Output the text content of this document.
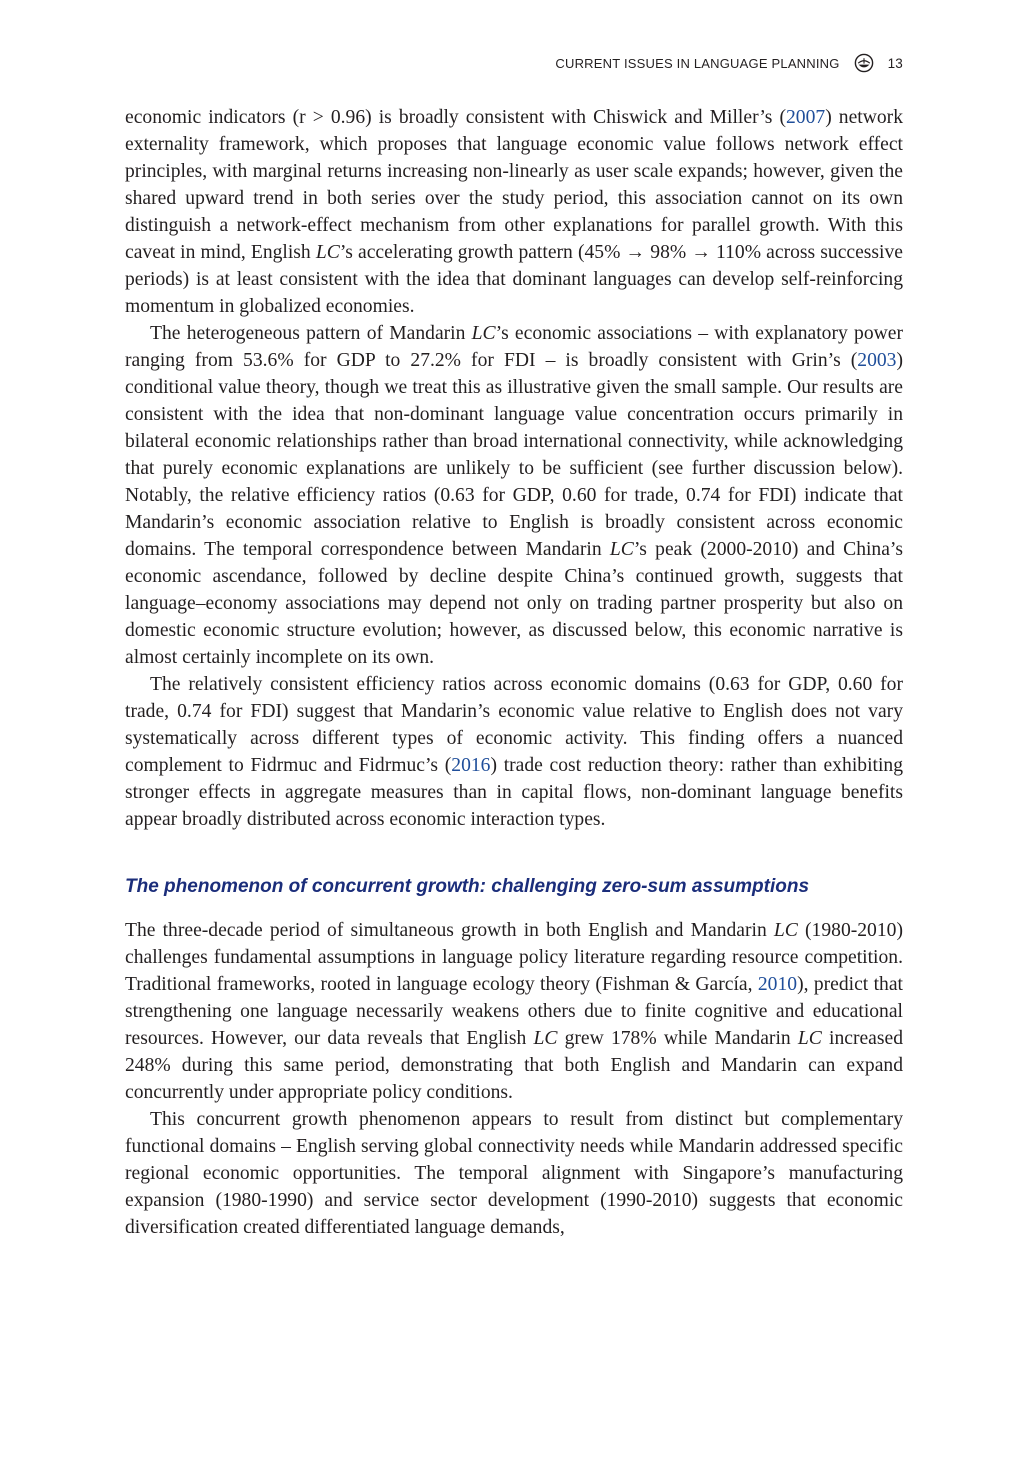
CURRENT ISSUES IN LANGUAGE PLANNING	13

economic indicators (r > 0.96) is broadly consistent with Chiswick and Miller’s (2007) network externality framework, which proposes that language economic value follows network effect principles, with marginal returns increasing non-linearly as user scale expands; however, given the shared upward trend in both series over the study period, this association cannot on its own distinguish a network-effect mechanism from other explanations for parallel growth. With this caveat in mind, English LC’s accelerating growth pattern (45% → 98% → 110% across successive periods) is at least consistent with the idea that dominant languages can develop self-reinforcing momentum in globalized economies.

The heterogeneous pattern of Mandarin LC’s economic associations – with explanatory power ranging from 53.6% for GDP to 27.2% for FDI – is broadly consistent with Grin’s (2003) conditional value theory, though we treat this as illustrative given the small sample. Our results are consistent with the idea that non-dominant language value concentration occurs primarily in bilateral economic relationships rather than broad international connectivity, while acknowledging that purely economic explanations are unlikely to be sufficient (see further discussion below). Notably, the relative efficiency ratios (0.63 for GDP, 0.60 for trade, 0.74 for FDI) indicate that Mandarin’s economic association relative to English is broadly consistent across economic domains. The temporal correspondence between Mandarin LC’s peak (2000-2010) and China’s economic ascendance, followed by decline despite China’s continued growth, suggests that language–economy associations may depend not only on trading partner prosperity but also on domestic economic structure evolution; however, as discussed below, this economic narrative is almost certainly incomplete on its own.

The relatively consistent efficiency ratios across economic domains (0.63 for GDP, 0.60 for trade, 0.74 for FDI) suggest that Mandarin’s economic value relative to English does not vary systematically across different types of economic activity. This finding offers a nuanced complement to Fidrmuc and Fidrmuc’s (2016) trade cost reduction theory: rather than exhibiting stronger effects in aggregate measures than in capital flows, non-dominant language benefits appear broadly distributed across economic interaction types.

The phenomenon of concurrent growth: challenging zero-sum assumptions

The three-decade period of simultaneous growth in both English and Mandarin LC (1980-2010) challenges fundamental assumptions in language policy literature regarding resource competition. Traditional frameworks, rooted in language ecology theory (Fishman & García, 2010), predict that strengthening one language necessarily weakens others due to finite cognitive and educational resources. However, our data reveals that English LC grew 178% while Mandarin LC increased 248% during this same period, demonstrating that both English and Mandarin can expand concurrently under appropriate policy conditions.

This concurrent growth phenomenon appears to result from distinct but complementary functional domains – English serving global connectivity needs while Mandarin addressed specific regional economic opportunities. The temporal alignment with Singapore’s manufacturing expansion (1980-1990) and service sector development (1990-2010) suggests that economic diversification created differentiated language demands,
